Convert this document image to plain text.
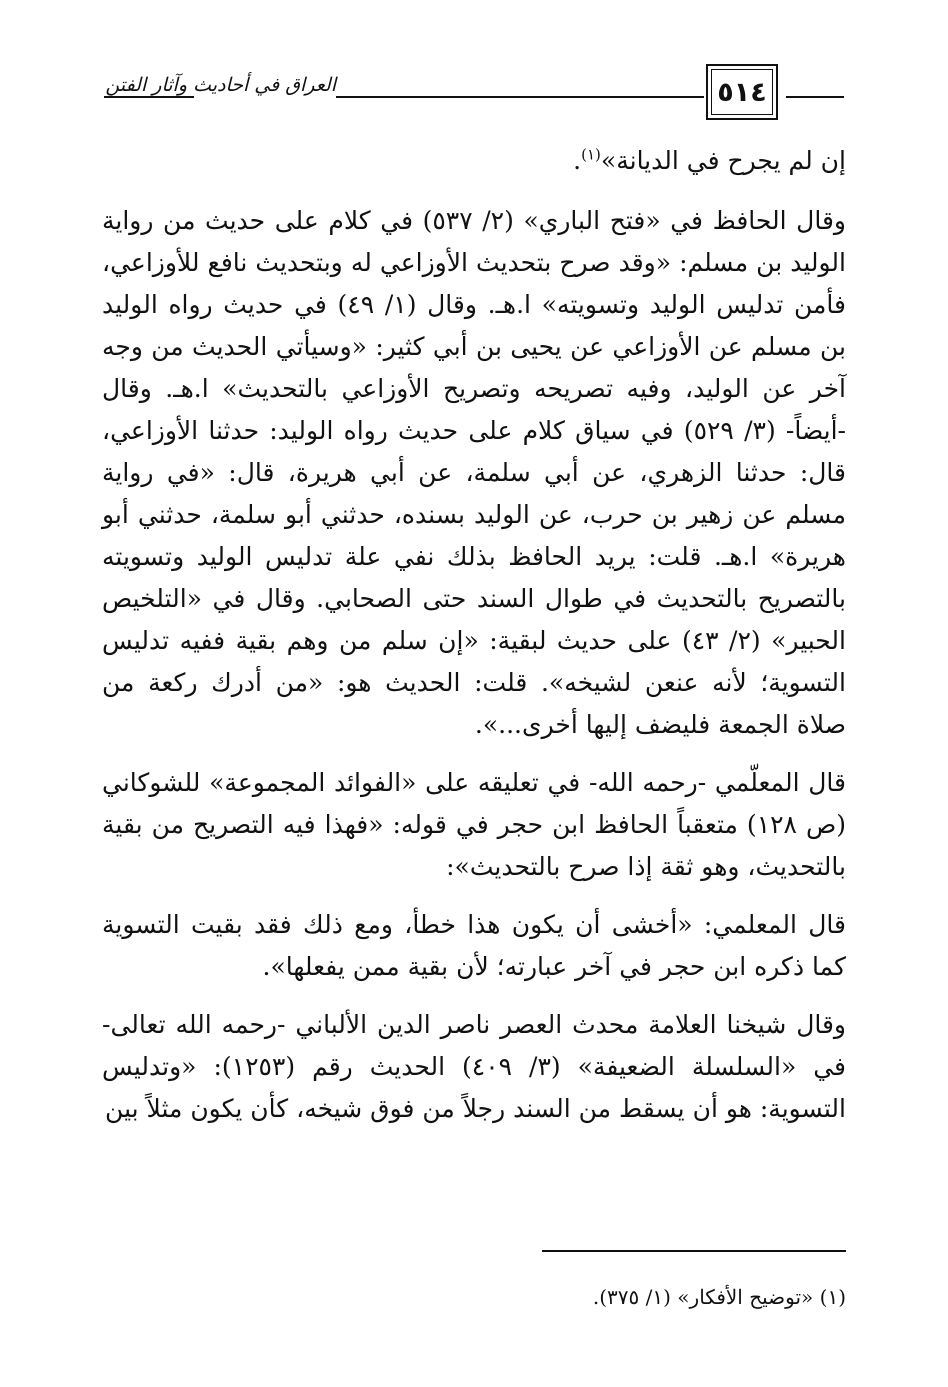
العراق في أحاديث وآثار الفتن	٥١٤

إن لم يجرح في الديانة»$^{(١)}$.

وقال الحافظ في «فتح الباري» (٢/ ٥٣٧) في كلام على حديث من رواية الوليد بن مسلم: «وقد صرح بتحديث الأوزاعي له وبتحديث نافع للأوزاعي، فأمن تدليس الوليد وتسويته» ا.هـ. وقال (١/ ٤٩) في حديث رواه الوليد بن مسلم عن الأوزاعي عن يحيى بن أبي كثير: «وسيأتي الحديث من وجه آخر عن الوليد، وفيه تصريحه وتصريح الأوزاعي بالتحديث» ا.هـ. وقال -أيضاً- (٣/ ٥٢٩) في سياق كلام على حديث رواه الوليد: حدثنا الأوزاعي، قال: حدثنا الزهري، عن أبي سلمة، عن أبي هريرة، قال: «في رواية مسلم عن زهير بن حرب، عن الوليد بسنده، حدثني أبو سلمة، حدثني أبو هريرة» ا.هـ. قلت: يريد الحافظ بذلك نفي علة تدليس الوليد وتسويته بالتصريح بالتحديث في طوال السند حتى الصحابي. وقال في «التلخيص الحبير» (٢/ ٤٣) على حديث لبقية: «إن سلم من وهم بقية ففيه تدليس التسوية؛ لأنه عنعن لشيخه». قلت: الحديث هو: «من أدرك ركعة من صلاة الجمعة فليضف إليها أخرى...».

قال المعلّمي -رحمه الله- في تعليقه على «الفوائد المجموعة» للشوكاني (ص ١٢٨) متعقباً الحافظ ابن حجر في قوله: «فهذا فيه التصريح من بقية بالتحديث، وهو ثقة إذا صرح بالتحديث»:

قال المعلمي: «أخشى أن يكون هذا خطأ، ومع ذلك فقد بقيت التسوية كما ذكره ابن حجر في آخر عبارته؛ لأن بقية ممن يفعلها».

وقال شيخنا العلامة محدث العصر ناصر الدين الألباني -رحمه الله تعالى- في «السلسلة الضعيفة» (٣/ ٤٠٩) الحديث رقم (١٢٥٣): «وتدليس التسوية: هو أن يسقط من السند رجلاً من فوق شيخه، كأن يكون مثلاً بين

(١) «توضيح الأفكار» (١/ ٣٧٥).
